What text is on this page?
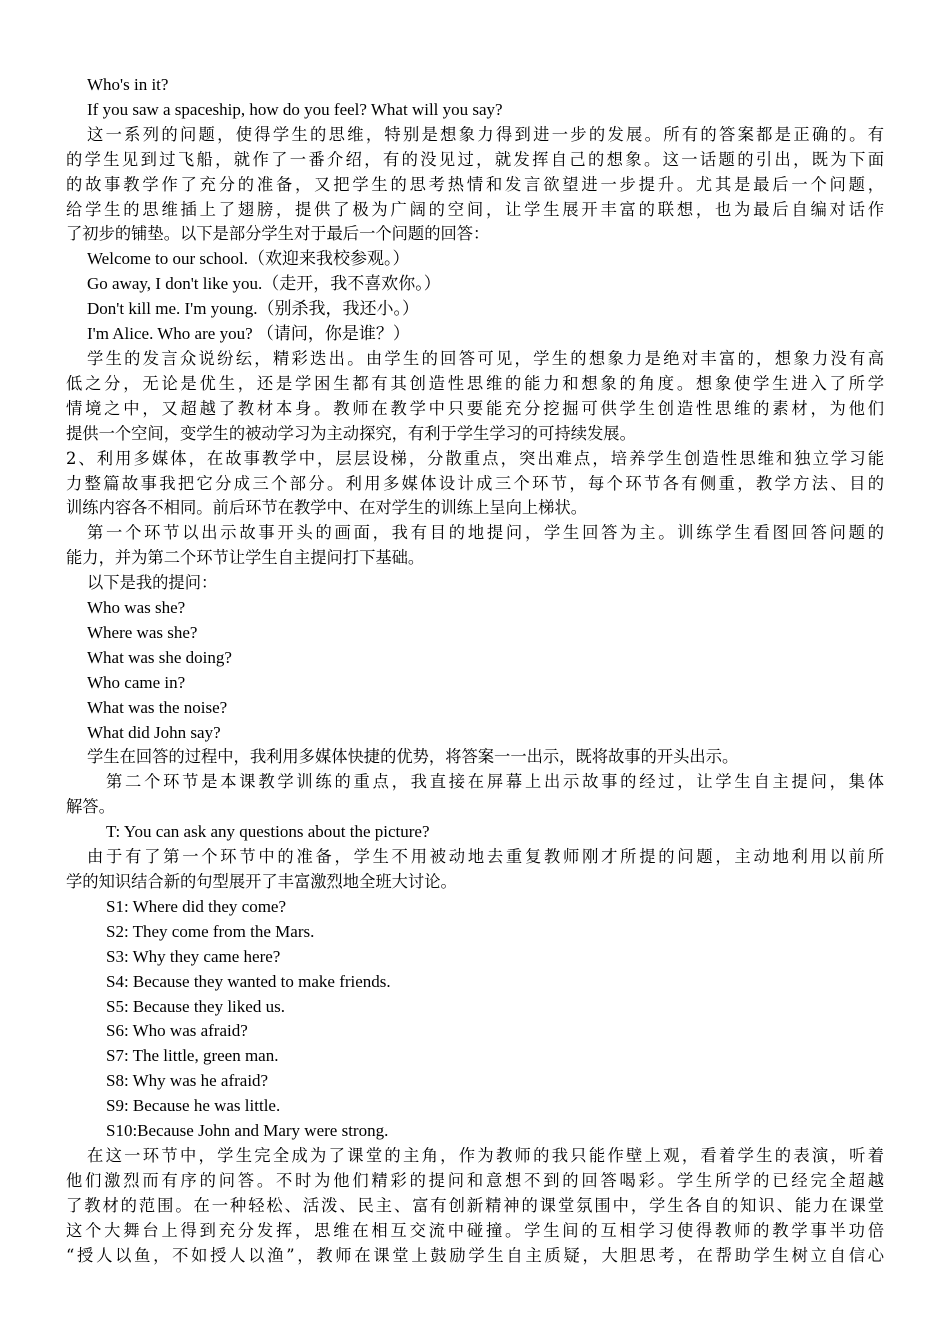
Who's in it?
If you saw a spaceship, how do you feel? What will you say?
这一系列的问题，使得学生的思维，特别是想象力得到进一步的发展。所有的答案都是正确的。有
的学生见到过飞船，就作了一番介绍，有的没见过，就发挥自己的想象。这一话题的引出，既为下面
的故事教学作了充分的准备，又把学生的思考热情和发言欲望进一步提升。尤其是最后一个问题，
给学生的思维插上了翅膀，提供了极为广阔的空间，让学生展开丰富的联想，也为最后自编对话作
了初步的铺垫。以下是部分学生对于最后一个问题的回答：
Welcome to our school.（欢迎来我校参观。）
Go away, I don't like you.（走开，我不喜欢你。）
Don't kill me. I'm young.（别杀我，我还小。）
I'm Alice. Who are you? （请问，你是谁？）
学生的发言众说纷纭，精彩迭出。由学生的回答可见，学生的想象力是绝对丰富的，想象力没有高
低之分，无论是优生，还是学困生都有其创造性思维的能力和想象的角度。想象使学生进入了所学
情境之中，又超越了教材本身。教师在教学中只要能充分挖掘可供学生创造性思维的素材，为他们
提供一个空间，变学生的被动学习为主动探究，有利于学生学习的可持续发展。
2、利用多媒体，在故事教学中，层层设梯，分散重点，突出难点，培养学生创造性思维和独立学习能
力整篇故事我把它分成三个部分。利用多媒体设计成三个环节，每个环节各有侧重，教学方法、目的
训练内容各不相同。前后环节在教学中、在对学生的训练上呈向上梯状。
第一个环节以出示故事开头的画面，我有目的地提问，学生回答为主。训练学生看图回答问题的
能力，并为第二个环节让学生自主提问打下基础。
以下是我的提问：
Who was she?
Where was she?
What was she doing?
Who came in?
What was the noise?
What did John say?
学生在回答的过程中，我利用多媒体快捷的优势，将答案一一出示，既将故事的开头出示。
第二个环节是本课教学训练的重点，我直接在屏幕上出示故事的经过，让学生自主提问，集体
解答。
T: You can ask any questions about the picture?
由于有了第一个环节中的准备，学生不用被动地去重复教师刚才所提的问题，主动地利用以前所
学的知识结合新的句型展开了丰富激烈地全班大讨论。
S1: Where did they come?
S2: They come from the Mars.
S3: Why they came here?
S4: Because they wanted to make friends.
S5: Because they liked us.
S6: Who was afraid?
S7: The little, green man.
S8: Why was he afraid?
S9: Because he was little.
S10:Because John and Mary were strong.
在这一环节中，学生完全成为了课堂的主角，作为教师的我只能作壁上观，看着学生的表演，听着
他们激烈而有序的问答。不时为他们精彩的提问和意想不到的回答喝彩。学生所学的已经完全超越
了教材的范围。在一种轻松、活泼、民主、富有创新精神的课堂氛围中，学生各自的知识、能力在课堂
这个大舞台上得到充分发挥，思维在相互交流中碰撞。学生间的互相学习使得教师的教学事半功倍
“授人以鱼，不如授人以渔”，教师在课堂上鼓励学生自主质疑，大胆思考，在帮助学生树立自信心
